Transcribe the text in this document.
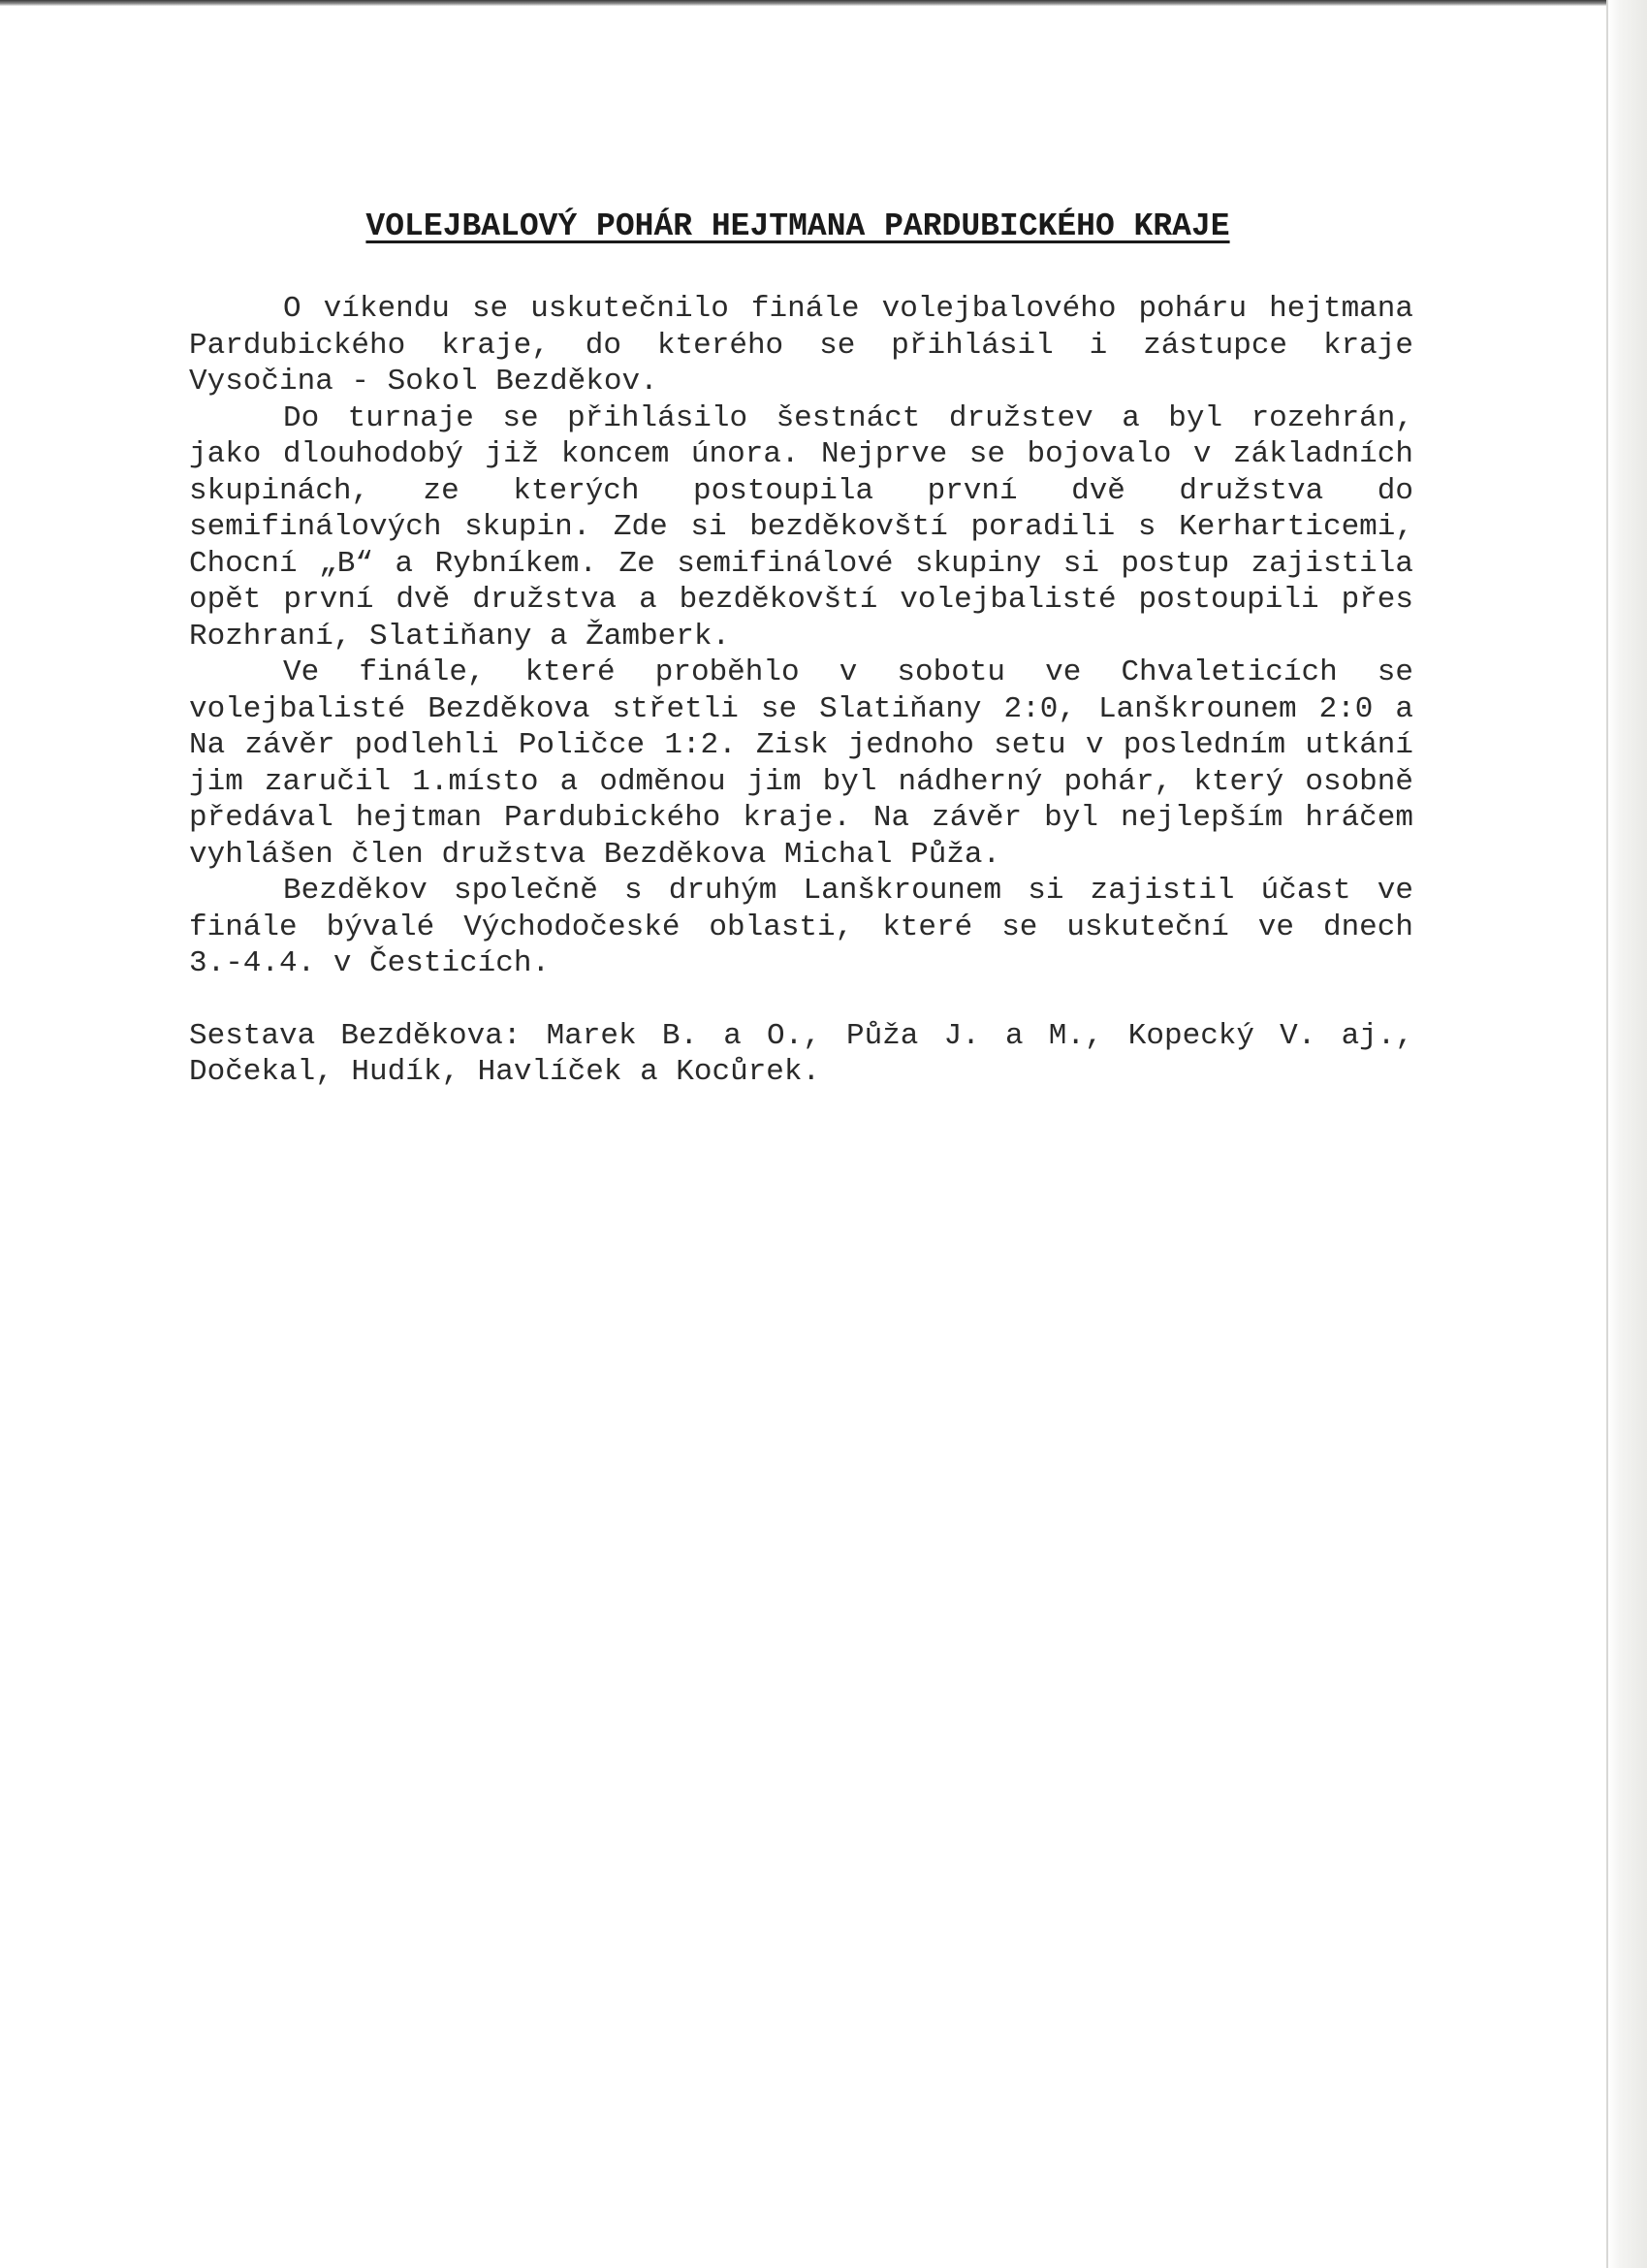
VOLEJBALOVÝ POHÁR HEJTMANA PARDUBICKÉHO KRAJE

O víkendu se uskutečnilo finále volejbalového poháru hejtmana Pardubického kraje, do kterého se přihlásil i zástupce kraje Vysočina - Sokol Bezděkov.

Do turnaje se přihlásilo šestnáct družstev a byl rozehrán, jako dlouhodobý již koncem února. Nejprve se bojovalo v základních skupinách, ze kterých postoupila první dvě družstva do semifinálových skupin. Zde si bezděkovští poradili s Kerharticemi, Chocní „B“ a Rybníkem. Ze semifinálové skupiny si postup zajistila opět první dvě družstva a bezděkovští volejbalisté postoupili přes Rozhraní, Slatiňany a Žamberk.

Ve finále, které proběhlo v sobotu ve Chvaleticích se volejbalisté Bezděkova střetli se Slatiňany 2:0, Lanškrounem 2:0 a Na závěr podlehli Poličce 1:2. Zisk jednoho setu v posledním utkání jim zaručil 1.místo a odměnou jim byl nádherný pohár, který osobně předával hejtman Pardubického kraje. Na závěr byl nejlepším hráčem vyhlášen člen družstva Bezděkova Michal Půža.

Bezděkov společně s druhým Lanškrounem si zajistil účast ve finále bývalé Východočeské oblasti, které se uskuteční ve dnech 3.-4.4. v Česticích.

Sestava Bezděkova: Marek B. a O., Půža J. a M., Kopecký V. aj., Dočekal, Hudík, Havlíček a Kocůrek.
